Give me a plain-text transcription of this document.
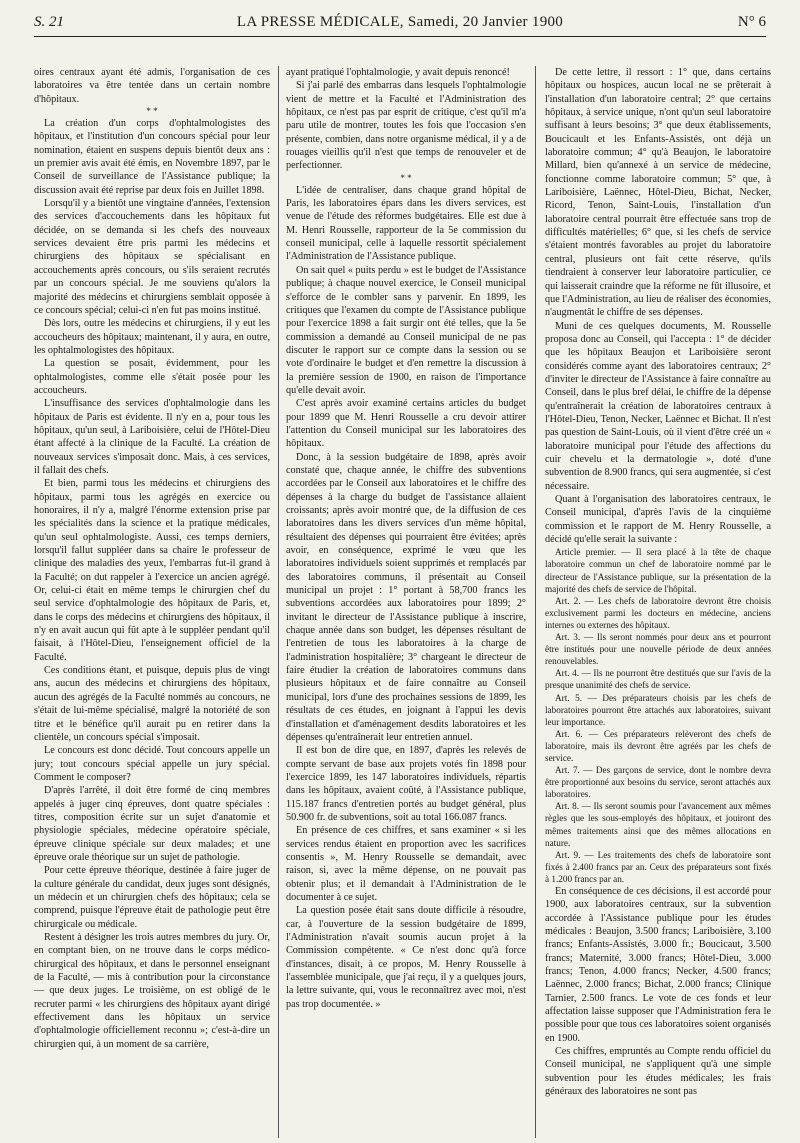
S. 21	LA PRESSE MÉDICALE, Samedi, 20 Janvier 1900	N° 6

oires centraux ayant été admis, l'organisation de ces laboratoires va être tentée dans un certain nombre d'hôpitaux.

* *

La création d'un corps d'ophtalmologistes des hôpitaux, et l'institution d'un concours spécial pour leur nomination, étaient en suspens depuis bientôt deux ans : un premier avis avait été émis, en Novembre 1897, par le Conseil de surveillance de l'Assistance publique; la discussion avait été reprise par deux fois en Juillet 1898.

Lorsqu'il y a bientôt une vingtaine d'années, l'extension des services d'accouchements dans les hôpitaux fut décidée, on se demanda si les chefs des nouveaux services devaient être pris parmi les médecins et chirurgiens des hôpitaux se spécialisant en accouchements après concours, ou s'ils seraient recrutés par un concours spécial. Je me souviens qu'alors la majorité des médecins et chirurgiens semblait opposée à ce concours spécial; celui-ci n'en fut pas moins institué.

Dès lors, outre les médecins et chirurgiens, il y eut les accoucheurs des hôpitaux; maintenant, il y aura, en outre, les ophtalmologistes des hôpitaux.

La question se posait, évidemment, pour les ophtalmologistes, comme elle s'était posée pour les accoucheurs.

L'insuffisance des services d'ophtalmologie dans les hôpitaux de Paris est évidente. Il n'y en a, pour tous les hôpitaux, qu'un seul, à Lariboisière, celui de l'Hôtel-Dieu étant affecté à la clinique de la Faculté. La création de nouveaux services s'imposait donc. Mais, à ces services, il fallait des chefs.

Et bien, parmi tous les médecins et chirurgiens des hôpitaux, parmi tous les agrégés en exercice ou honoraires, il n'y a, malgré l'énorme extension prise par les spécialités dans la science et la pratique médicales, qu'un seul ophtalmologiste. Aussi, ces temps derniers, lorsqu'il fallut suppléer dans sa chaire le professeur de clinique des maladies des yeux, l'embarras fut-il grand à la Faculté; on dut rappeler à l'exercice un ancien agrégé. Or, celui-ci était en même temps le chirurgien chef du seul service d'ophtalmologie des hôpitaux de Paris, et, dans le corps des médecins et chirurgiens des hôpitaux, il n'y en avait aucun qui fût apte à le suppléer pendant qu'il faisait, à l'Hôtel-Dieu, l'enseignement officiel de la Faculté.

Ces conditions étant, et puisque, depuis plus de vingt ans, aucun des médecins et chirurgiens des hôpitaux, aucun des agrégés de la Faculté nommés au concours, ne s'était de lui-même spécialisé, malgré la notoriété de son titre et le bénéfice qu'il aurait pu en retirer dans la clientèle, un concours spécial s'imposait.

Le concours est donc décidé. Tout concours appelle un jury; tout concours spécial appelle un jury spécial. Comment le composer?

D'après l'arrêté, il doit être formé de cinq membres appelés à juger cinq épreuves, dont quatre spéciales : titres, composition écrite sur un sujet d'anatomie et physiologie spéciales, médecine opératoire spéciale, épreuve clinique spéciale sur deux malades; et une épreuve orale théorique sur un sujet de pathologie.

Pour cette épreuve théorique, destinée à faire juger de la culture générale du candidat, deux juges sont désignés, un médecin et un chirurgien chefs des hôpitaux; cela se comprend, puisque l'épreuve était de pathologie peut être chirurgicale ou médicale.

Restent à désigner les trois autres membres du jury. Or, en comptant bien, on ne trouve dans le corps médico-chirurgical des hôpitaux, et dans le personnel enseignant de la Faculté, — mis à contribution pour la circonstance — que deux juges. Le troisième, on est obligé de le recruter parmi « les chirurgiens des hôpitaux ayant dirigé effectivement dans les hôpitaux un service d'ophtalmologie officiellement reconnu »; c'est-à-dire un chirurgien qui, à un moment de sa carrière,

ayant pratiqué l'ophtalmologie, y avait depuis renoncé!

Si j'ai parlé des embarras dans lesquels l'ophtalmologie vient de mettre et la Faculté et l'Administration des hôpitaux, ce n'est pas par esprit de critique, c'est qu'il m'a paru utile de montrer, toutes les fois que l'occasion s'en présente, combien, dans notre organisme médical, il y a de rouages vieillis qu'il n'est que temps de renouveler et de perfectionner.

* *

L'idée de centraliser, dans chaque grand hôpital de Paris, les laboratoires épars dans les divers services, est venue de l'étude des réformes budgétaires. Elle est due à M. Henri Rousselle, rapporteur de la 5e commission du conseil municipal, celle à laquelle ressortit spécialement l'Administration de l'Assistance publique.

On sait quel « puits perdu » est le budget de l'Assistance publique; à chaque nouvel exercice, le Conseil municipal s'efforce de le combler sans y parvenir. En 1899, les critiques que l'examen du compte de l'Assistance publique pour l'exercice 1898 a fait surgir ont été telles, que la 5e commission a demandé au Conseil municipal de ne pas discuter le rapport sur ce compte dans la session ou se vote d'ordinaire le budget et d'en remettre la discussion à la première session de 1900, en raison de l'importance qu'elle devait avoir.

C'est après avoir examiné certains articles du budget pour 1899 que M. Henri Rousselle a cru devoir attirer l'attention du Conseil municipal sur les laboratoires des hôpitaux.

Donc, à la session budgétaire de 1898, après avoir constaté que, chaque année, le chiffre des subventions accordées par le Conseil aux laboratoires et le chiffre des dépenses à la charge du budget de l'assistance allaient croissants; après avoir montré que, de la diffusion de ces laboratoires dans les divers services d'un même hôpital, résultaient des dépenses qui pourraient être évitées; après avoir, en conséquence, exprimé le vœu que les laboratoires individuels soient supprimés et remplacés par des laboratoires communs, il présentait au Conseil municipal un projet : 1° portant à 58,700 francs les subventions accordées aux laboratoires pour 1899; 2° invitant le directeur de l'Assistance publique à inscrire, chaque année dans son budget, les dépenses résultant de l'entretien de tous les laboratoires à la charge de l'administration hospitalière; 3° chargeant le directeur de faire étudier la création de laboratoires communs dans plusieurs hôpitaux et de faire connaître au Conseil municipal, lors d'une des prochaines sessions de 1899, les résultats de ces études, en joignant à l'appui les devis d'installation et d'aménagement desdits laboratoires et les dépenses qu'entraînerait leur entretien annuel.

Il est bon de dire que, en 1897, d'après les relevés de compte servant de base aux projets votés fin 1898 pour l'exercice 1899, les 147 laboratoires individuels, répartis dans les hôpitaux, avaient coûté, à l'Assistance publique, 115.187 francs d'entretien portés au budget général, plus 50.900 fr. de subventions, soit au total 166.087 francs.

En présence de ces chiffres, et sans examiner « si les services rendus étaient en proportion avec les sacrifices consentis », M. Henry Rousselle se demandait, avec raison, si, avec la même dépense, on ne pouvait pas obtenir plus; et il demandait à l'Administration de le documenter à ce sujet.

La question posée était sans doute difficile à résoudre, car, à l'ouverture de la session budgétaire de 1899, l'Administration n'avait soumis aucun projet à la Commission compétente. « Ce n'est donc qu'à force d'instances, disait, à ce propos, M. Henry Rousselle à l'assemblée municipale, que j'ai reçu, il y a quelques jours, la lettre suivante, qui, vous le reconnaîtrez avec moi, n'est pas trop documentée. »

De cette lettre, il ressort : 1° que, dans certains hôpitaux ou hospices, aucun local ne se prêterait à l'installation d'un laboratoire central; 2° que certains hôpitaux, à service unique, n'ont qu'un seul laboratoire suffisant à leurs besoins; 3° que deux établissements, Boucicault et les Enfants-Assistés, ont déjà un laboratoire commun; 4° qu'à Beaujon, le laboratoire Millard, bien qu'annexé à un service de médecine, fonctionne comme laboratoire commun; 5° que, à Lariboisière, Laënnec, Hôtel-Dieu, Bichat, Necker, Ricord, Tenon, Saint-Louis, l'installation d'un laboratoire central pourrait être effectuée sans trop de difficultés matérielles; 6° que, si les chefs de service s'étaient montrés favorables au projet du laboratoire central, plusieurs ont fait cette réserve, qu'ils tiendraient à conserver leur laboratoire particulier, ce qui laisserait craindre que la réforme ne fût illusoire, et que l'Administration, au lieu de réaliser des économies, n'augmentât le chiffre de ses dépenses.

Muni de ces quelques documents, M. Rousselle proposa donc au Conseil, qui l'accepta : 1° de décider que les hôpitaux Beaujon et Lariboisière seront considérés comme ayant des laboratoires centraux; 2° d'inviter le directeur de l'Assistance à faire connaître au Conseil, dans le plus bref délai, le chiffre de la dépense qu'entraînerait la création de laboratoires centraux à l'Hôtel-Dieu, Tenon, Necker, Laënnec et Bichat. Il n'est pas question de Saint-Louis, où il vient d'être créé un « laboratoire municipal pour l'étude des affections du cuir chevelu et la dermatologie », doté d'une subvention de 8.900 francs, qui sera augmentée, si c'est nécessaire.

Quant à l'organisation des laboratoires centraux, le Conseil municipal, d'après l'avis de la cinquième commission et le rapport de M. Henry Rousselle, a décidé qu'elle serait la suivante :

Article premier. — Il sera placé à la tête de chaque laboratoire commun un chef de laboratoire nommé par le directeur de l'Assistance publique, sur la présentation de la majorité des chefs de service de l'hôpital.

Art. 2. — Les chefs de laboratoire devront être choisis exclusivement parmi les docteurs en médecine, anciens internes ou externes des hôpitaux.

Art. 3. — Ils seront nommés pour deux ans et pourront être institués pour une nouvelle période de deux années renouvelables.

Art. 4. — Ils ne pourront être destitués que sur l'avis de la presque unanimité des chefs de service.

Art. 5. — Des préparateurs choisis par les chefs de laboratoires pourront être attachés aux laboratoires, suivant leur importance.

Art. 6. — Ces préparateurs relèveront des chefs de laboratoire, mais ils devront être agréés par les chefs de service.

Art. 7. — Des garçons de service, dont le nombre devra être proportionné aux besoins du service, seront attachés aux laboratoires.

Art. 8. — Ils seront soumis pour l'avancement aux mêmes règles que les sous-employés des hôpitaux, et jouiront des mêmes traitements ainsi que des mêmes allocations en nature.

Art. 9. — Les traitements des chefs de laboratoire sont fixés à 2.400 francs par an. Ceux des préparateurs sont fixés à 1.200 francs par an.

En conséquence de ces décisions, il est accordé pour 1900, aux laboratoires centraux, sur la subvention accordée à l'Assistance publique pour les études médicales : Beaujon, 3.500 francs; Lariboisière, 3.100 francs; Enfants-Assistés, 3.000 fr.; Boucicaut, 3.500 francs; Maternité, 3.000 francs; Hôtel-Dieu, 3.000 francs; Tenon, 4.000 francs; Necker, 4.500 francs; Laënnec, 2.000 francs; Bichat, 2.000 francs; Clinique Tarnier, 2.500 francs. Le vote de ces fonds et leur affectation laisse supposer que l'Administration fera le possible pour que tous ces laboratoires soient organisés en 1900.

Ces chiffres, empruntés au Compte rendu officiel du Conseil municipal, ne s'appliquent qu'à une simple subvention pour les études médicales; les frais généraux des laboratoires ne sont pas
